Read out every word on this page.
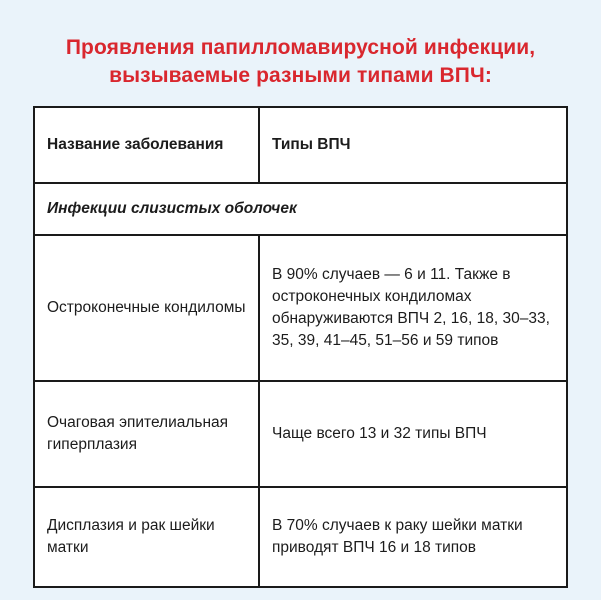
Проявления папилломавирусной инфекции,
вызываемые разными типами ВПЧ:
Название заболевания	Типы ВПЧ
Инфекции слизистых оболочек	
Остроконечные кондиломы	В 90% случаев — 6 и 11. Также в остроконечных кондиломах обнаруживаются ВПЧ 2, 16, 18, 30–33, 35, 39, 41–45, 51–56 и 59 типов
Очаговая эпителиальная гиперплазия	Чаще всего 13 и 32 типы ВПЧ
Дисплазия и рак шейки матки	В 70% случаев к раку шейки матки приводят ВПЧ 16 и 18 типов
